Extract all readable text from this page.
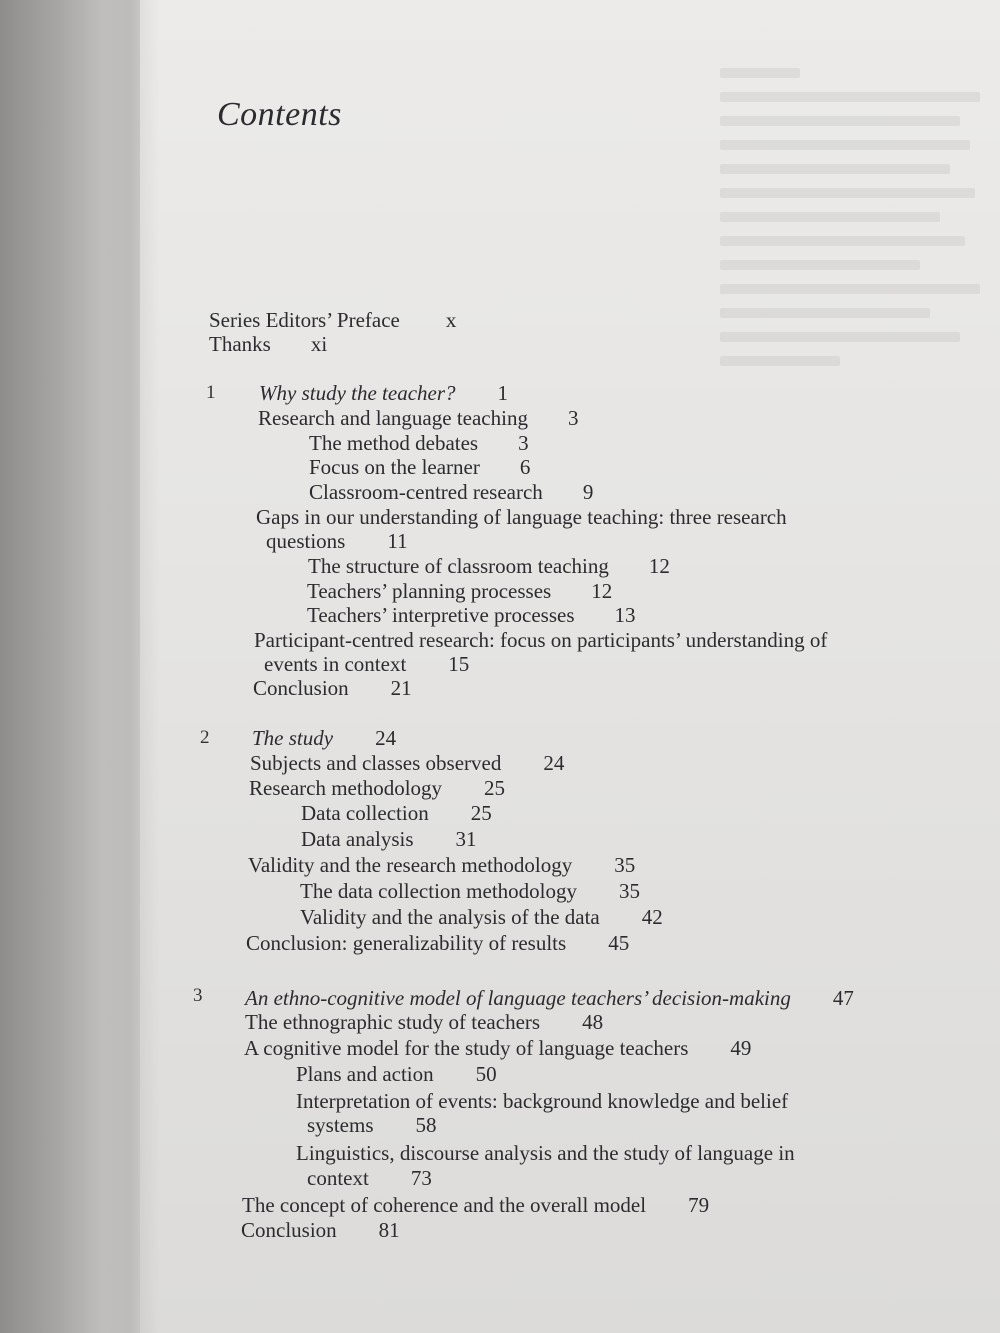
Contents
Series Editors’ Preface x
Thanks xi
1 Why study the teacher? 1
Research and language teaching 3
The method debates 3
Focus on the learner 6
Classroom-centred research 9
Gaps in our understanding of language teaching: three research
questions 11
The structure of classroom teaching 12
Teachers’ planning processes 12
Teachers’ interpretive processes 13
Participant-centred research: focus on participants’ understanding of
events in context 15
Conclusion 21
2 The study 24
Subjects and classes observed 24
Research methodology 25
Data collection 25
Data analysis 31
Validity and the research methodology 35
The data collection methodology 35
Validity and the analysis of the data 42
Conclusion: generalizability of results 45
3 An ethno-cognitive model of language teachers’ decision-making 47
The ethnographic study of teachers 48
A cognitive model for the study of language teachers 49
Plans and action 50
Interpretation of events: background knowledge and belief
systems 58
Linguistics, discourse analysis and the study of language in
context 73
The concept of coherence and the overall model 79
Conclusion 81
